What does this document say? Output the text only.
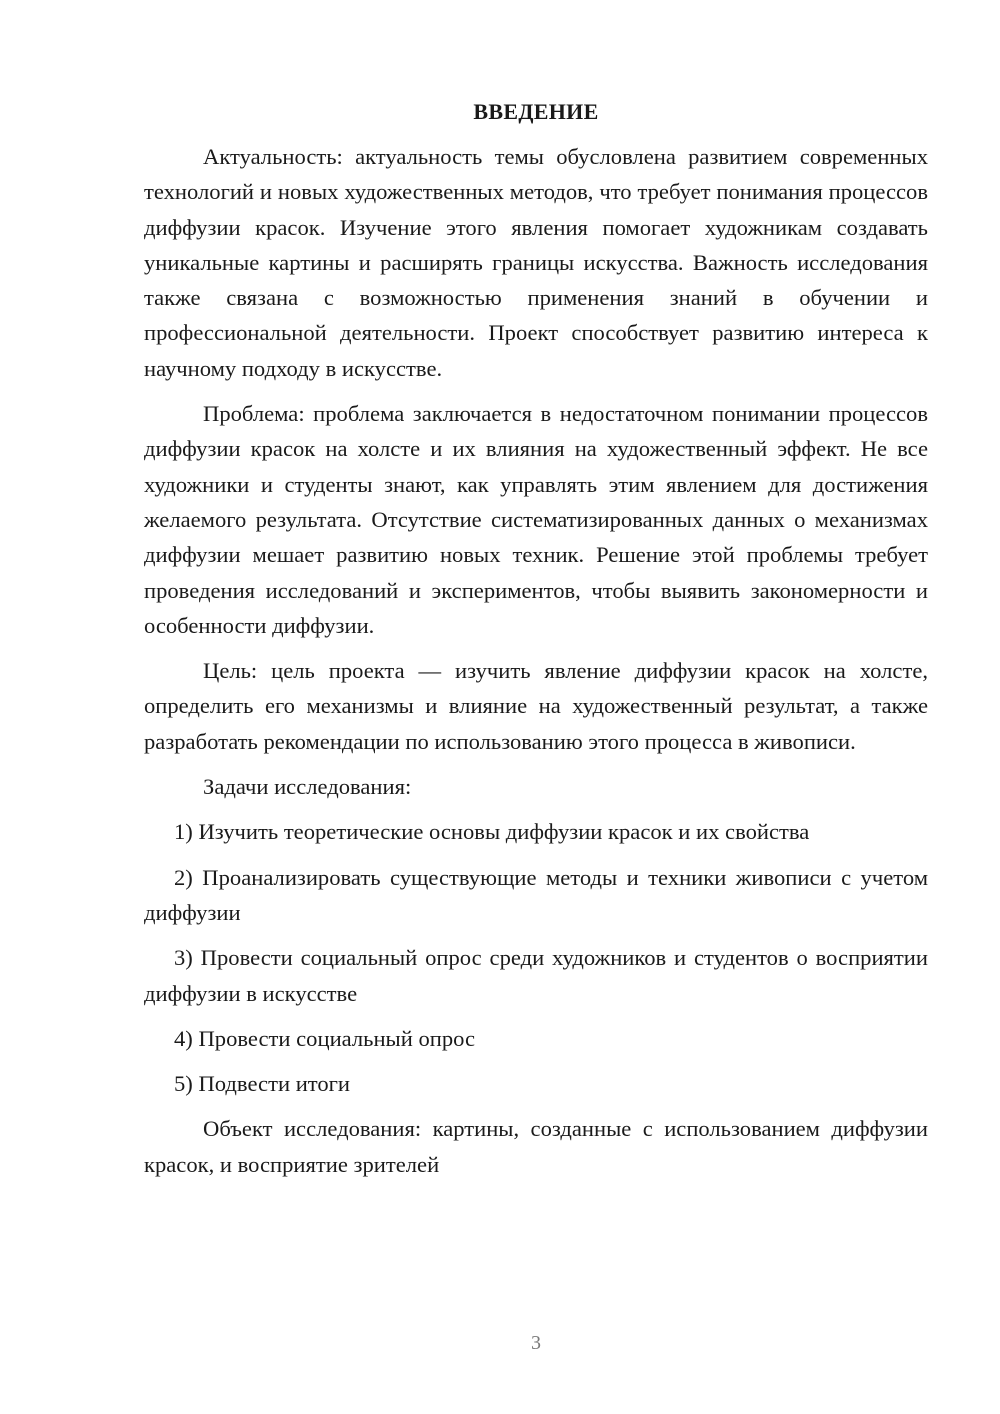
ВВЕДЕНИЕ

Актуальность: актуальность темы обусловлена развитием современных технологий и новых художественных методов, что требует понимания процессов диффузии красок. Изучение этого явления помогает художникам создавать уникальные картины и расширять границы искусства. Важность исследования также связана с возможностью применения знаний в обучении и профессиональной деятельности. Проект способствует развитию интереса к научному подходу в искусстве.

Проблема: проблема заключается в недостаточном понимании процессов диффузии красок на холсте и их влияния на художественный эффект. Не все художники и студенты знают, как управлять этим явлением для достижения желаемого результата. Отсутствие систематизированных данных о механизмах диффузии мешает развитию новых техник. Решение этой проблемы требует проведения исследований и экспериментов, чтобы выявить закономерности и особенности диффузии.

Цель: цель проекта — изучить явление диффузии красок на холсте, определить его механизмы и влияние на художественный результат, а также разработать рекомендации по использованию этого процесса в живописи.

Задачи исследования:

1) Изучить теоретические основы диффузии красок и их свойства

2) Проанализировать существующие методы и техники живописи с учетом диффузии

3) Провести социальный опрос среди художников и студентов о восприятии диффузии в искусстве

4) Провести социальный опрос

5) Подвести итоги

Объект исследования: картины, созданные с использованием диффузии красок, и восприятие зрителей

3
